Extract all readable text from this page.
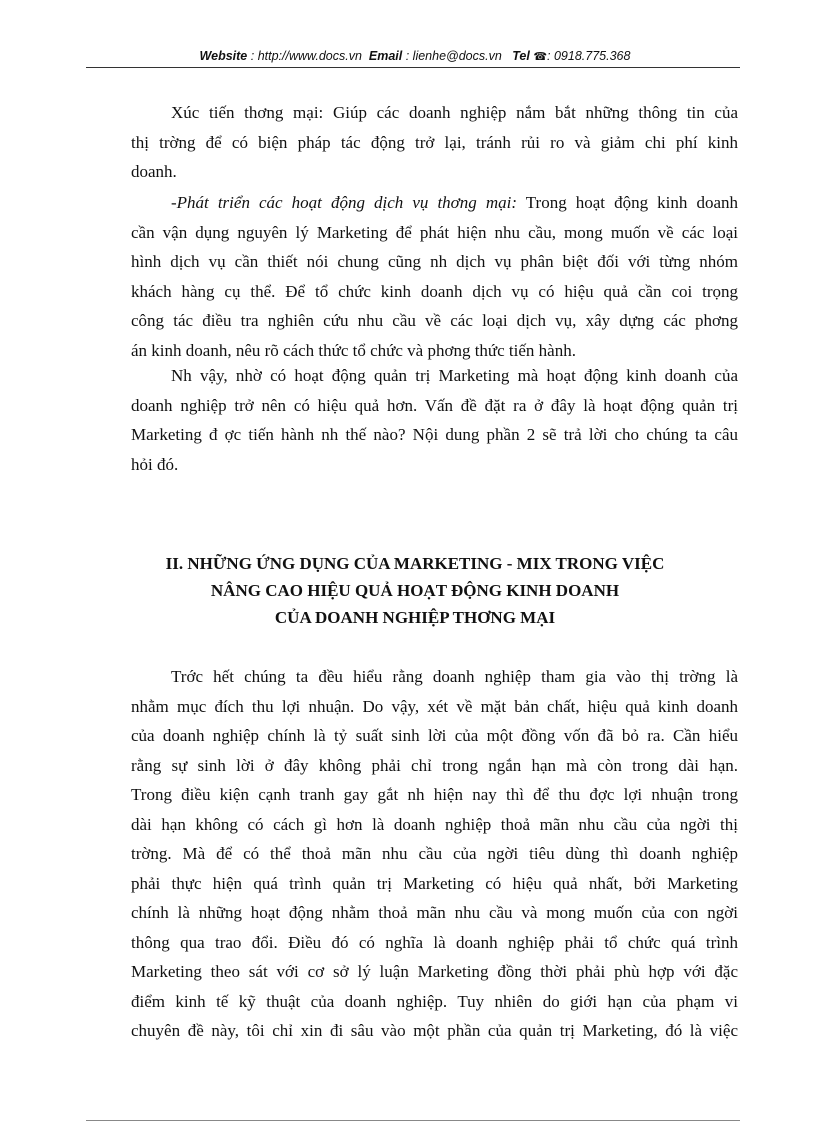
Website : http://www.docs.vn Email : lienhe@docs.vn Tel ☎: 0918.775.368
Xúc tiến thơng mại: Giúp các doanh nghiệp nắm bắt những thông tin của
thị trờng để có biện pháp tác động trở lại, tránh rủi ro và giảm chi phí kinh
doanh.
-Phát triển các hoạt động dịch vụ thơng mại: Trong hoạt động kinh doanh
cần vận dụng nguyên lý Marketing để phát hiện nhu cầu, mong muốn về các loại
hình dịch vụ cần thiết nói chung cũng nh dịch vụ phân biệt đối với từng nhóm
khách hàng cụ thể. Để tổ chức kinh doanh dịch vụ có hiệu quả cần coi trọng
công tác điều tra nghiên cứu nhu cầu về các loại dịch vụ, xây dựng các phơng
án kinh doanh, nêu rõ cách thức tổ chức và phơng thức tiến hành.
Nh vậy, nhờ có hoạt động quản trị Marketing mà hoạt động kinh doanh của
doanh nghiệp trở nên có hiệu quả hơn. Vấn đề đặt ra ở đây là hoạt động quản trị
Marketing đ ợc tiến hành nh thế nào? Nội dung phần 2 sẽ trả lời cho chúng ta câu
hỏi đó.
II. NHỮNG ỨNG DỤNG CỦA MARKETING - MIX TRONG VIỆC
NÂNG CAO HIỆU QUẢ HOẠT ĐỘNG KINH DOANH
CỦA DOANH NGHIỆP THƠNG MẠI
Trớc hết chúng ta đều hiểu rằng doanh nghiệp tham gia vào thị trờng là
nhằm mục đích thu lợi nhuận. Do vậy, xét về mặt bản chất, hiệu quả kinh doanh
của doanh nghiệp chính là tỷ suất sinh lời của một đồng vốn đã bỏ ra. Cần hiểu
rằng sự sinh lời ở đây không phải chỉ trong ngắn hạn mà còn trong dài hạn.
Trong điều kiện cạnh tranh gay gắt nh hiện nay thì để thu đợc lợi nhuận trong
dài hạn không có cách gì hơn là doanh nghiệp thoả mãn nhu cầu của ngời thị
trờng. Mà để có thể thoả mãn nhu cầu của ngời tiêu dùng thì doanh nghiệp
phải thực hiện quá trình quản trị Marketing có hiệu quả nhất, bởi Marketing
chính là những hoạt động nhằm thoả mãn nhu cầu và mong muốn của con ngời
thông qua trao đổi. Điều đó có nghĩa là doanh nghiệp phải tổ chức quá trình
Marketing theo sát với cơ sở lý luận Marketing đồng thời phải phù hợp với đặc
điểm kinh tế kỹ thuật của doanh nghiệp. Tuy nhiên do giới hạn của phạm vi
chuyên đề này, tôi chỉ xin đi sâu vào một phần của quản trị Marketing, đó là việc
